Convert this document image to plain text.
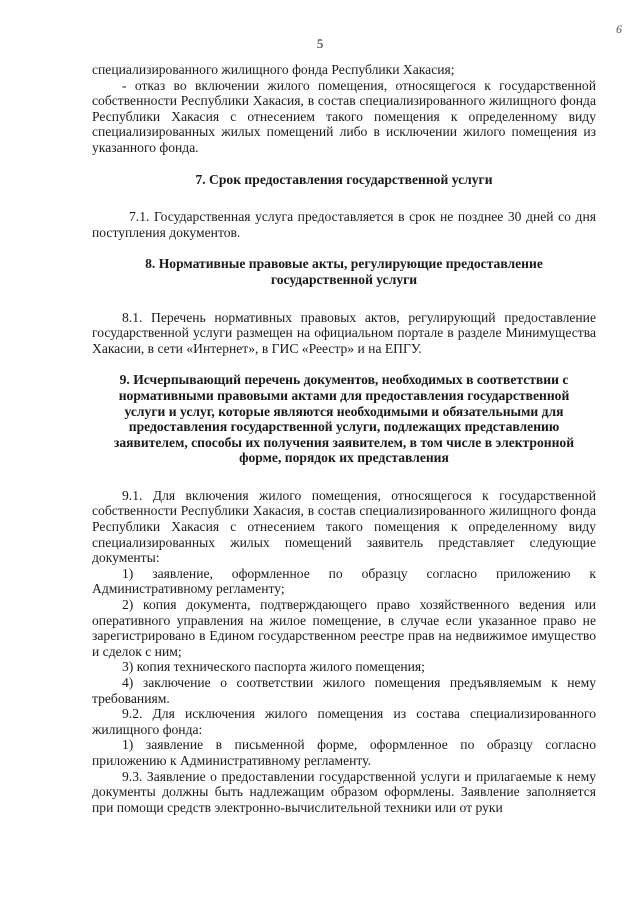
6
5

специализированного жилищного фонда Республики Хакасия;

- отказ во включении жилого помещения, относящегося к государственной собственности Республики Хакасия, в состав специализированного жилищного фонда Республики Хакасия с отнесением такого помещения к определенному виду специализированных жилых помещений либо в исключении жилого помещения из указанного фонда.

7. Срок предоставления государственной услуги

7.1. Государственная услуга предоставляется в срок не позднее 30 дней со дня поступления документов.

8. Нормативные правовые акты, регулирующие предоставление государственной услуги

8.1. Перечень нормативных правовых актов, регулирующий предоставление государственной услуги размещен на официальном портале в разделе Минимущества Хакасии, в сети «Интернет», в ГИС «Реестр» и на ЕПГУ.

9. Исчерпывающий перечень документов, необходимых в соответствии с нормативными правовыми актами для предоставления государственной услуги и услуг, которые являются необходимыми и обязательными для предоставления государственной услуги, подлежащих представлению заявителем, способы их получения заявителем, в том числе в электронной форме, порядок их представления

9.1. Для включения жилого помещения, относящегося к государственной собственности Республики Хакасия, в состав специализированного жилищного фонда Республики Хакасия с отнесением такого помещения к определенному виду специализированных жилых помещений заявитель представляет следующие документы:

1) заявление, оформленное по образцу согласно приложению к Административному регламенту;

2) копия документа, подтверждающего право хозяйственного ведения или оперативного управления на жилое помещение, в случае если указанное право не зарегистрировано в Едином государственном реестре прав на недвижимое имущество и сделок с ним;

3) копия технического паспорта жилого помещения;

4) заключение о соответствии жилого помещения предъявляемым к нему требованиям.

9.2. Для исключения жилого помещения из состава специализированного жилищного фонда:

1) заявление в письменной форме, оформленное по образцу согласно приложению к Административному регламенту.

9.3. Заявление о предоставлении государственной услуги и прилагаемые к нему документы должны быть надлежащим образом оформлены. Заявление заполняется при помощи средств электронно-вычислительной техники или от руки
